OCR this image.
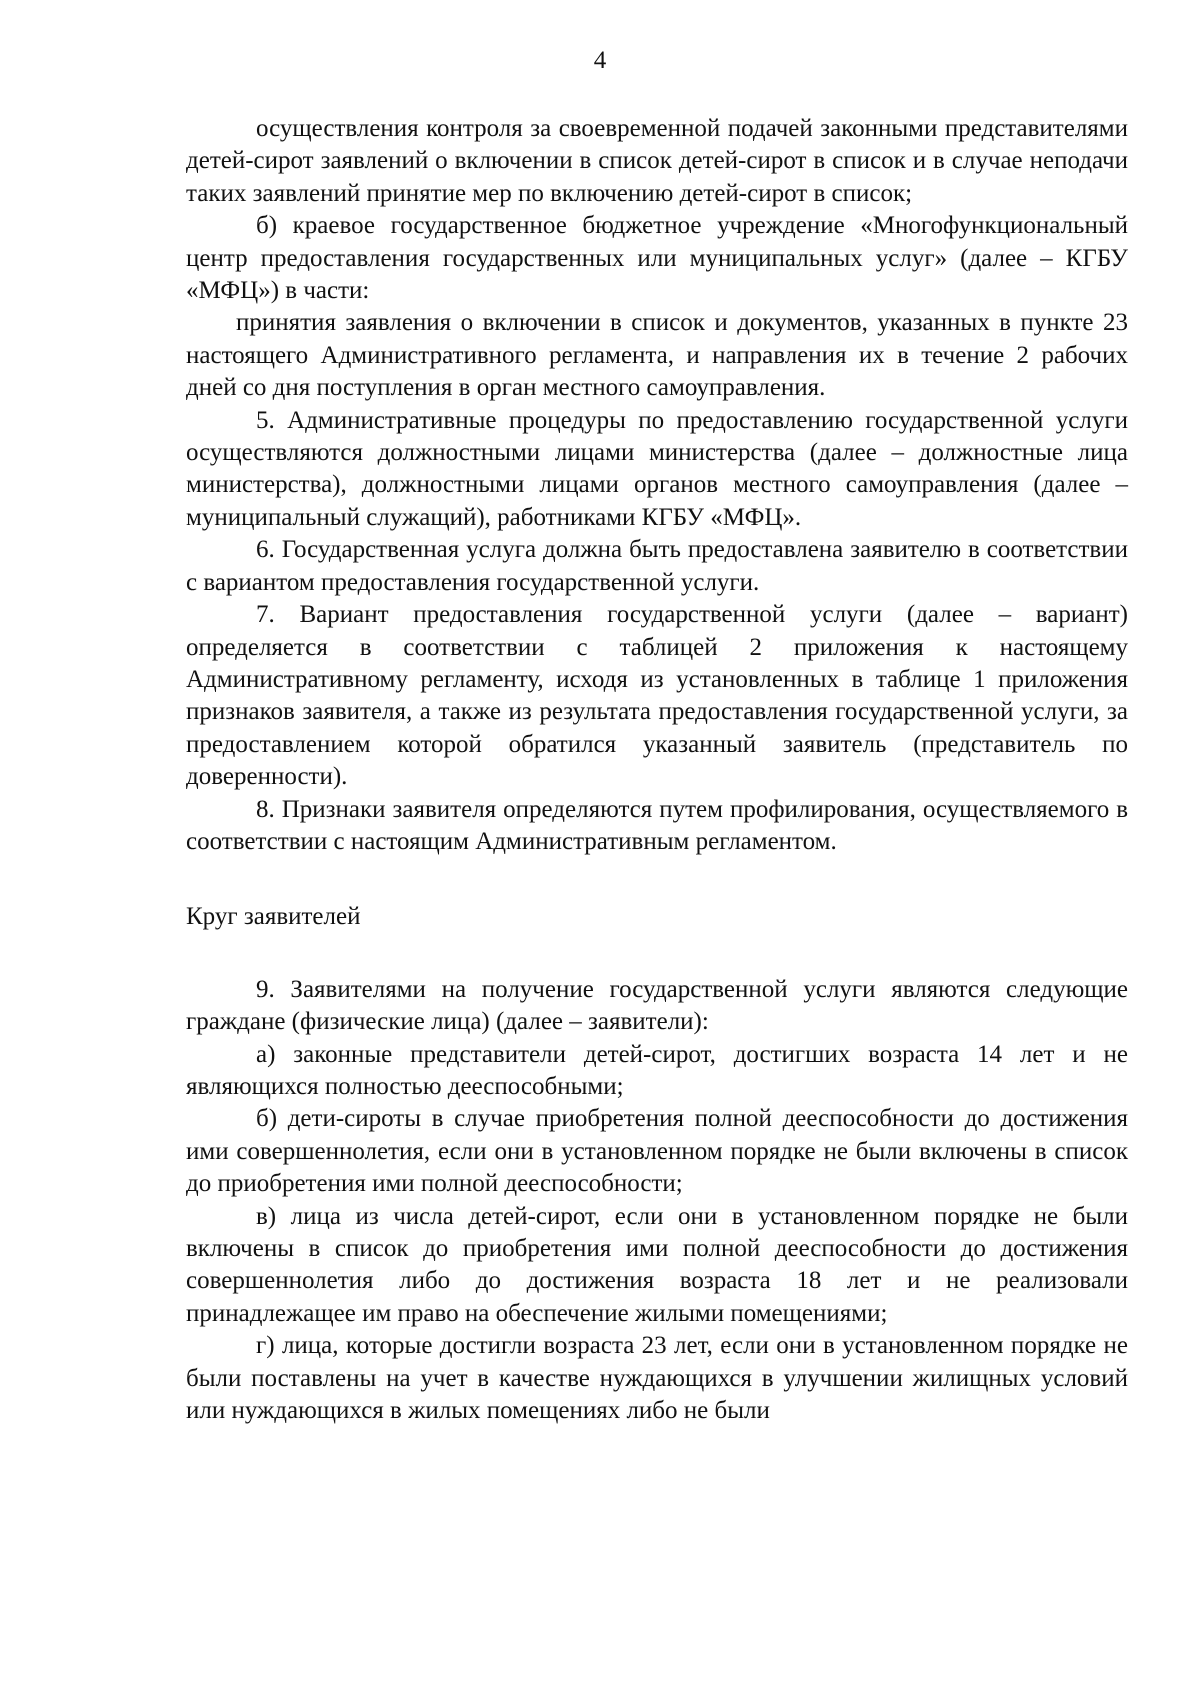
4

осуществления контроля за своевременной подачей законными представителями детей-сирот заявлений о включении в список детей-сирот в список и в случае неподачи таких заявлений принятие мер по включению детей-сирот в список;

б) краевое государственное бюджетное учреждение «Многофункциональный центр предоставления государственных или муниципальных услуг» (далее – КГБУ «МФЦ») в части:

принятия заявления о включении в список и документов, указанных в пункте 23 настоящего Административного регламента, и направления их в течение 2 рабочих дней со дня поступления в орган местного самоуправления.

5. Административные процедуры по предоставлению государственной услуги осуществляются должностными лицами министерства (далее – должностные лица министерства), должностными лицами органов местного самоуправления (далее – муниципальный служащий), работниками КГБУ «МФЦ».

6. Государственная услуга должна быть предоставлена заявителю в соответствии с вариантом предоставления государственной услуги.

7. Вариант предоставления государственной услуги (далее – вариант) определяется в соответствии с таблицей 2 приложения к настоящему Административному регламенту, исходя из установленных в таблице 1 приложения признаков заявителя, а также из результата предоставления государственной услуги, за предоставлением которой обратился указанный заявитель (представитель по доверенности).

8. Признаки заявителя определяются путем профилирования, осуществляемого в соответствии с настоящим Административным регламентом.

Круг заявителей

9. Заявителями на получение государственной услуги являются следующие граждане (физические лица) (далее – заявители):

а) законные представители детей-сирот, достигших возраста 14 лет и не являющихся полностью дееспособными;

б) дети-сироты в случае приобретения полной дееспособности до достижения ими совершеннолетия, если они в установленном порядке не были включены в список до приобретения ими полной дееспособности;

в) лица из числа детей-сирот, если они в установленном порядке не были включены в список до приобретения ими полной дееспособности до достижения совершеннолетия либо до достижения возраста 18 лет и не реализовали принадлежащее им право на обеспечение жилыми помещениями;

г) лица, которые достигли возраста 23 лет, если они в установленном порядке не были поставлены на учет в качестве нуждающихся в улучшении жилищных условий или нуждающихся в жилых помещениях либо не были
